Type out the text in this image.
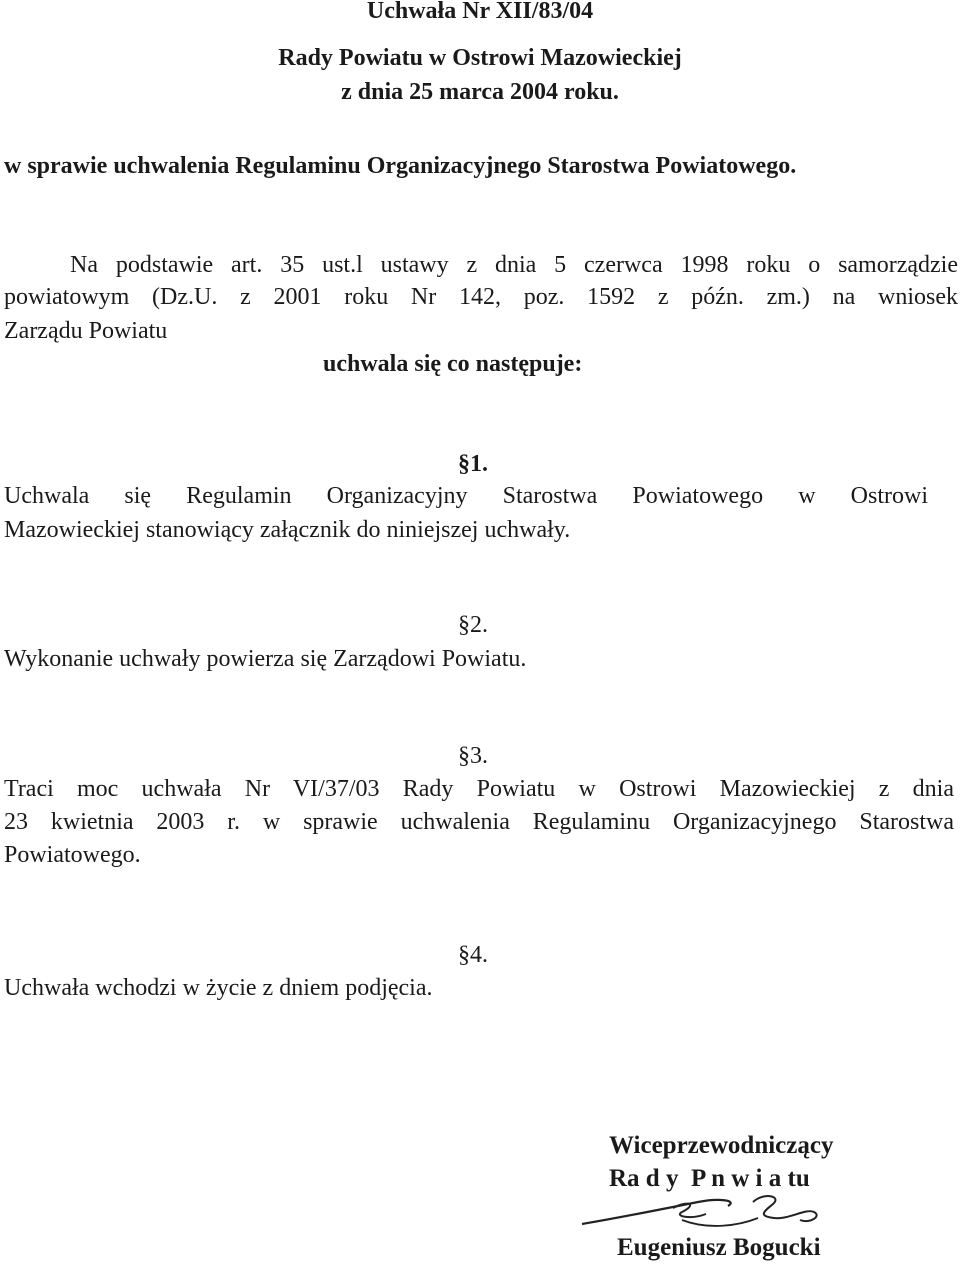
Uchwała Nr XII/83/04
Rady Powiatu w Ostrowi Mazowieckiej
z dnia 25 marca 2004 roku.
w sprawie uchwalenia Regulaminu Organizacyjnego Starostwa Powiatowego.
Na podstawie art. 35 ust.l ustawy z dnia 5 czerwca 1998 roku o samorządzie
powiatowym (Dz.U. z 2001 roku Nr 142, poz. 1592 z późn. zm.) na wniosek
Zarządu Powiatu
uchwala się co następuje:
§1.
Uchwala się Regulamin Organizacyjny Starostwa Powiatowego w Ostrowi
Mazowieckiej stanowiący załącznik do niniejszej uchwały.
§2.
Wykonanie uchwały powierza się Zarządowi Powiatu.
§3.
Traci moc uchwała Nr VI/37/03 Rady Powiatu w Ostrowi Mazowieckiej z dnia
23 kwietnia 2003 r. w sprawie uchwalenia Regulaminu Organizacyjnego Starostwa
Powiatowego.
§4.
Uchwała wchodzi w życie z dniem podjęcia.
Wiceprzewodniczący
Ra d y  P n w i a tu
Eugeniusz Bogucki
